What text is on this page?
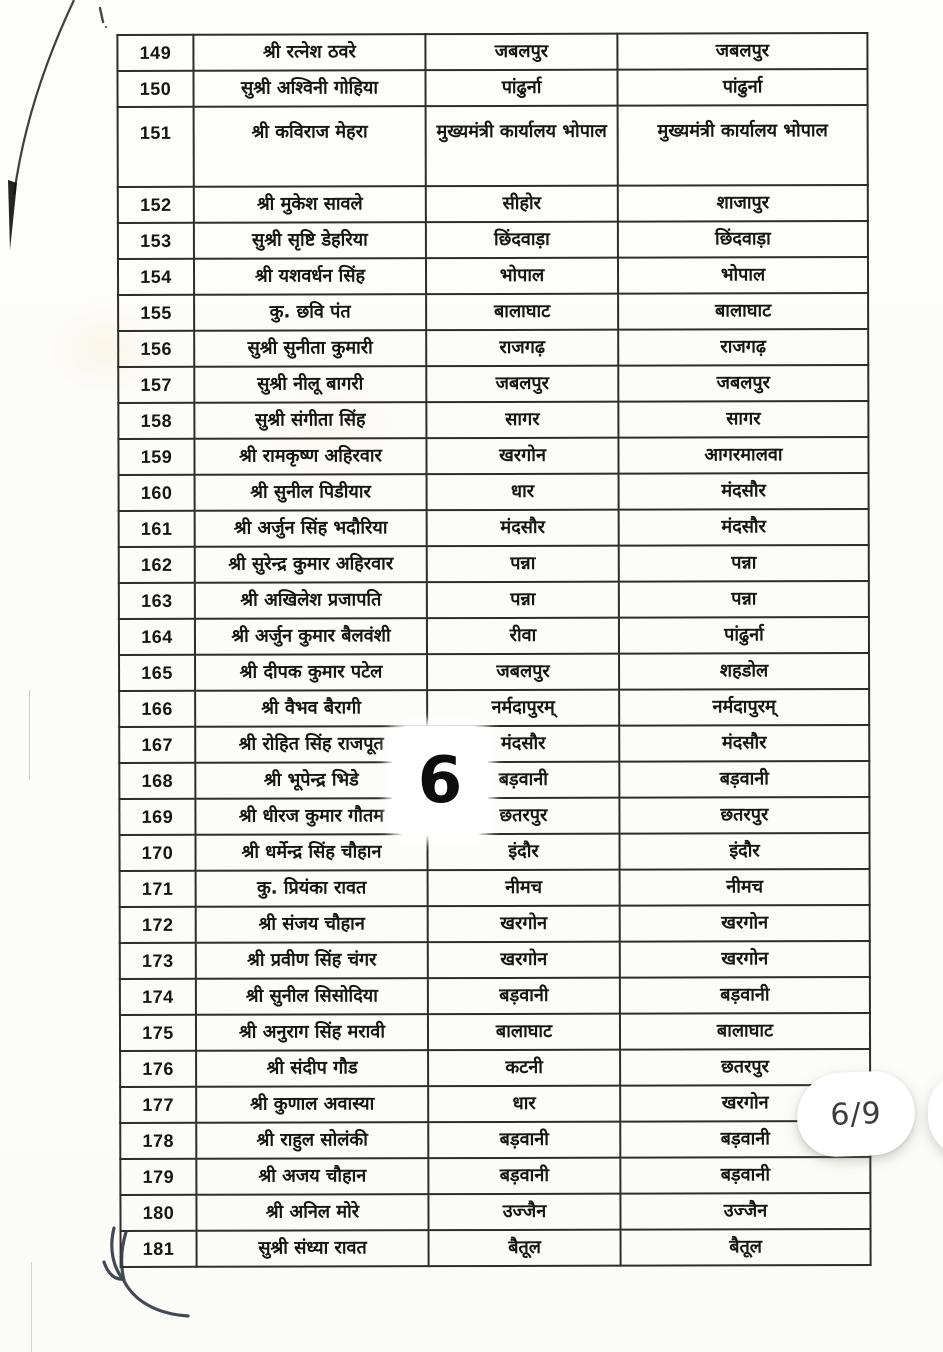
149	श्री रत्नेश ठवरे	जबलपुर	जबलपुर
150	सुश्री अश्विनी गोहिया	पांढुर्ना	पांढुर्ना
151	श्री कविराज मेहरा	मुख्यमंत्री कार्यालय भोपाल	मुख्यमंत्री कार्यालय भोपाल
152	श्री मुकेश सावले	सीहोर	शाजापुर
153	सुश्री सृष्टि डेहरिया	छिंदवाड़ा	छिंदवाड़ा
154	श्री यशवर्धन सिंह	भोपाल	भोपाल
155	कु. छवि पंत	बालाघाट	बालाघाट
156	सुश्री सुनीता कुमारी	राजगढ़	राजगढ़
157	सुश्री नीलू बागरी	जबलपुर	जबलपुर
158	सुश्री संगीता सिंह	सागर	सागर
159	श्री रामकृष्ण अहिरवार	खरगोन	आगरमालवा
160	श्री सुनील पिडीयार	धार	मंदसौर
161	श्री अर्जुन सिंह भदौरिया	मंदसौर	मंदसौर
162	श्री सुरेन्द्र कुमार अहिरवार	पन्ना	पन्ना
163	श्री अखिलेश प्रजापति	पन्ना	पन्ना
164	श्री अर्जुन कुमार बैलवंशी	रीवा	पांढुर्ना
165	श्री दीपक कुमार पटेल	जबलपुर	शहडोल
166	श्री वैभव बैरागी	नर्मदापुरम्	नर्मदापुरम्
167	श्री रोहित सिंह राजपूत	मंदसौर	मंदसौर
168	श्री भूपेन्द्र भिडे	बड़वानी	बड़वानी
169	श्री धीरज कुमार गौतम	छतरपुर	छतरपुर
170	श्री धर्मेन्द्र सिंह चौहान	इंदौर	इंदौर
171	कु. प्रियंका रावत	नीमच	नीमच
172	श्री संजय चौहान	खरगोन	खरगोन
173	श्री प्रवीण सिंह चंगर	खरगोन	खरगोन
174	श्री सुनील सिसोदिया	बड़वानी	बड़वानी
175	श्री अनुराग सिंह मरावी	बालाघाट	बालाघाट
176	श्री संदीप गौड	कटनी	छतरपुर
177	श्री कुणाल अवास्या	धार	खरगोन
178	श्री राहुल सोलंकी	बड़वानी	बड़वानी
179	श्री अजय चौहान	बड़वानी	बड़वानी
180	श्री अनिल मोरे	उज्जैन	उज्जैन
181	सुश्री संध्या रावत	बैतूल	बैतूल
6
6/9
